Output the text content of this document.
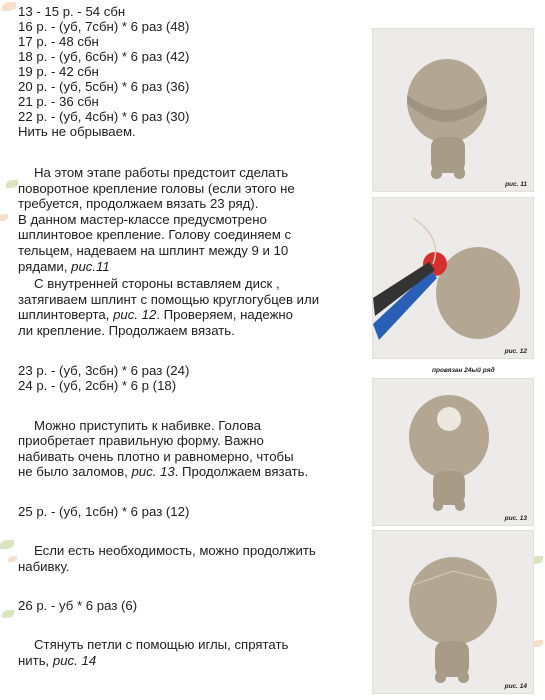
13 - 15 р. - 54 сбн
16 р. - (уб, 7сбн) * 6 раз (48)
17 р. - 48 сбн
18 р. - (уб, 6сбн) * 6 раз (42)
19 р. - 42 сбн
20 р. - (уб, 5сбн) * 6 раз (36)
21 р. - 36 сбн
22 р. - (уб, 4сбн) * 6 раз (30)
Нить не обрываем.
На этом этапе работы предстоит сделать
поворотное крепление головы (если этого не
требуется, продолжаем вязать 23 ряд).
В данном мастер-классе предусмотрено
шплинтовое крепление. Голову соединяем с
тельцем, надеваем на шплинт между 9 и 10
рядами, рис.11
С внутренней стороны вставляем диск ,
затягиваем шплинт с помощью круглогубцев или
шплинтоверта, рис. 12. Проверяем, надежно
ли крепление. Продолжаем вязать.
23 р. - (уб, 3сбн) * 6 раз (24)
24 р. - (уб, 2сбн) * 6 р (18)
Можно приступить к набивке. Голова
приобретает правильную форму. Важно
набивать очень плотно и равномерно, чтобы
не было заломов, рис. 13. Продолжаем вязать.
25 р. - (уб, 1сбн) * 6 раз (12)
Если есть необходимость, можно продолжить
набивку.
26 р. - уб * 6 раз (6)
Стянуть петли с помощью иглы, спрятать
нить, рис. 14
рис. 11
рис. 12
провязан 24ый ряд
рис. 13
рис. 14
